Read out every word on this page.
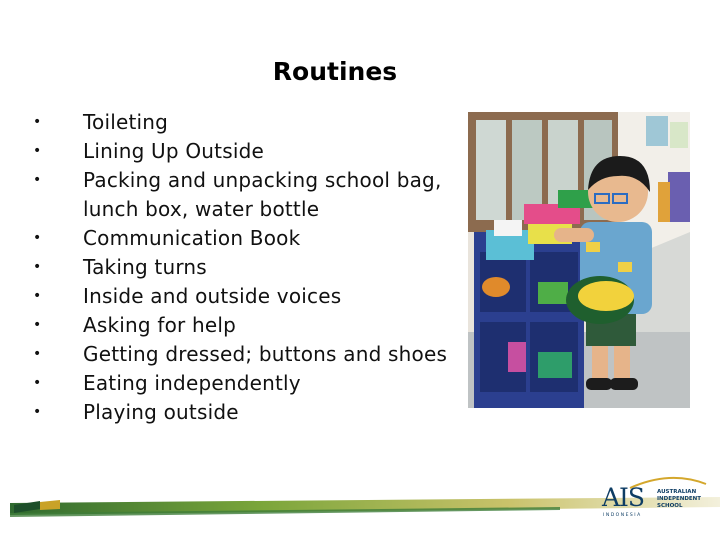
Routines
• Toileting
• Lining Up Outside
• Packing and unpacking school bag, lunch box, water bottle
• Communication Book
• Taking turns
• Inside and outside voices
• Asking for help
• Getting dressed; buttons and shoes
• Eating independently
• Playing outside
AIS AUSTRALIAN
INDEPENDENT
SCHOOL
INDONESIA
